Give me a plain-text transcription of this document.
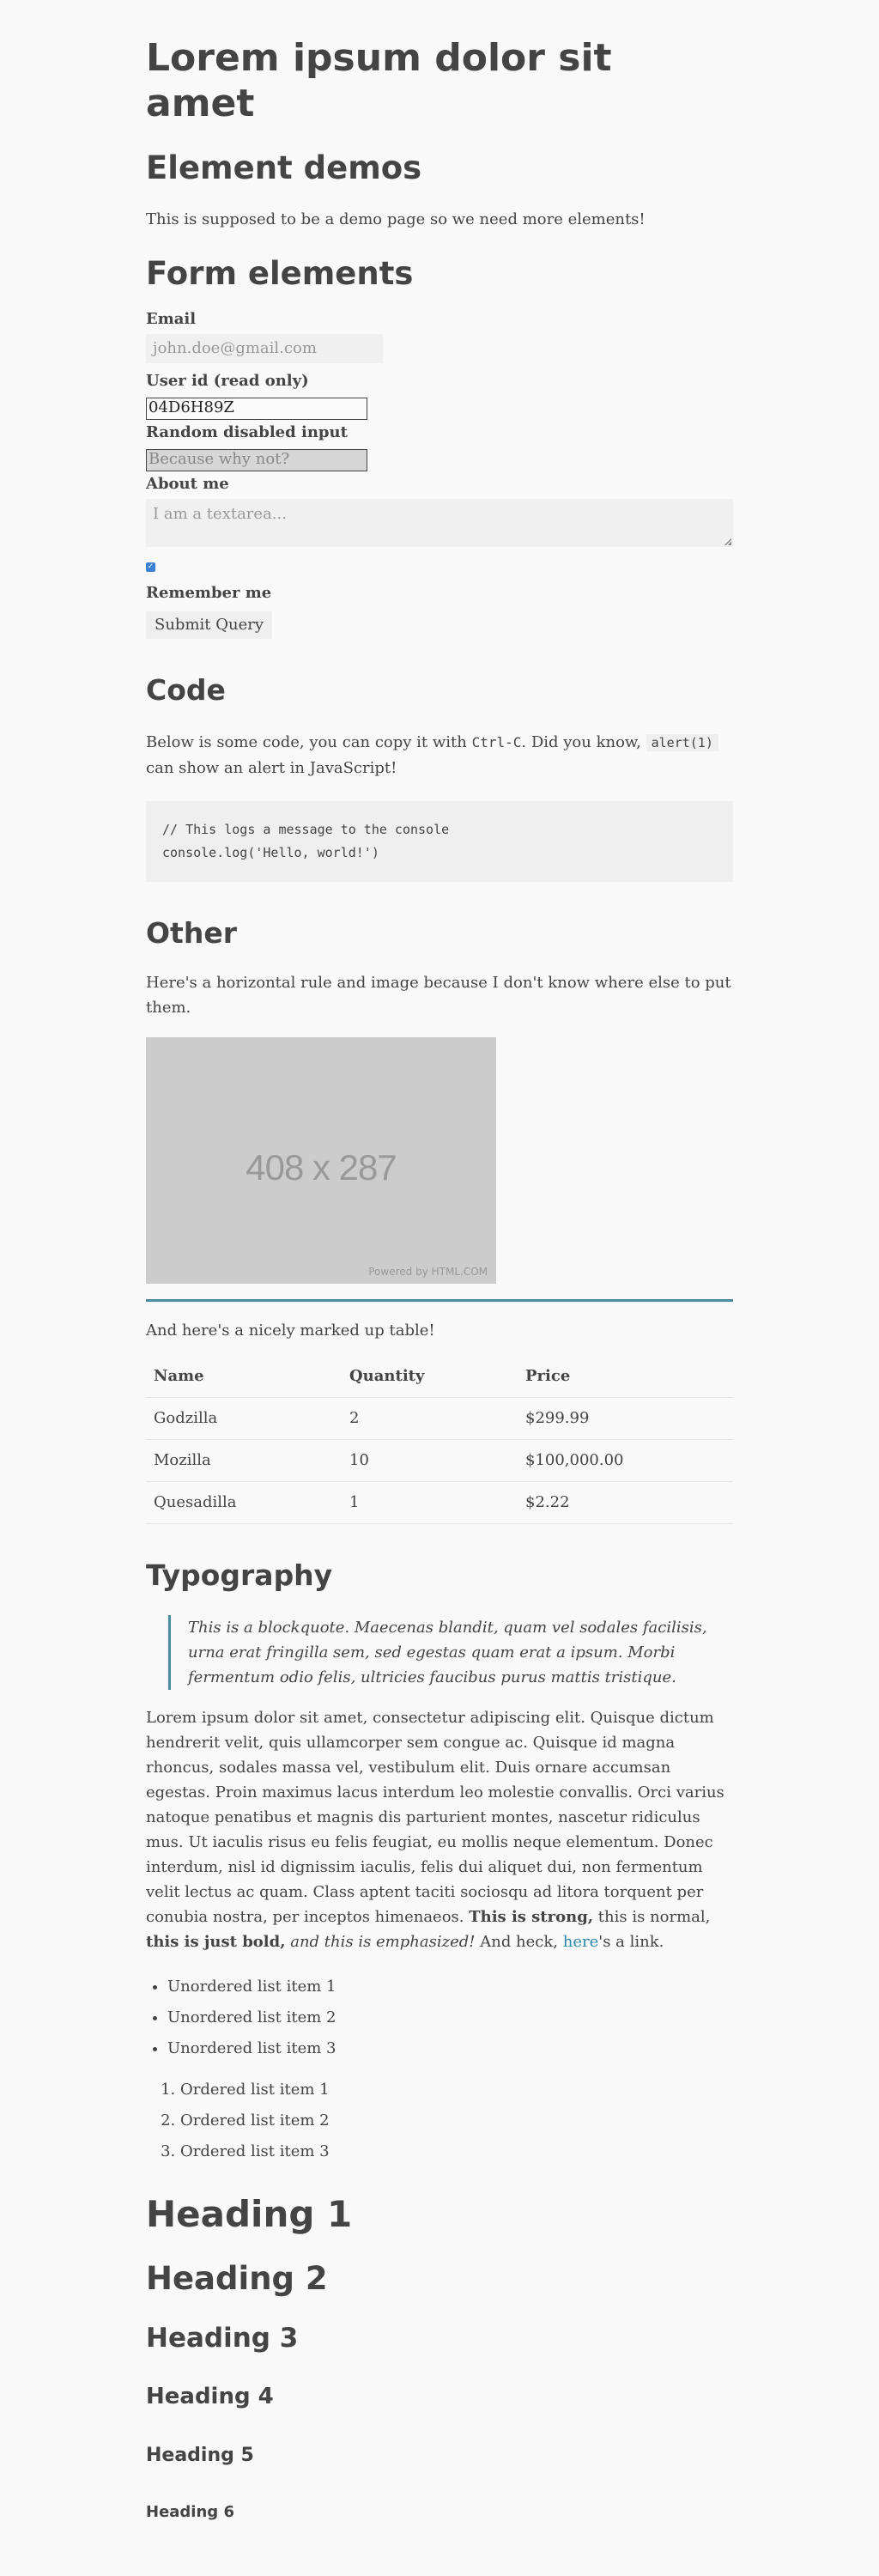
Lorem ipsum dolor sit amet
Element demos

This is supposed to be a demo page so we need more elements!

Form elements
Email
john.doe@gmail.com
User id (read only)
04D6H89Z
Random disabled input
Because why not?
About me
I am a textarea...
✓
Remember me
Submit Query
Code

Below is some code, you can copy it with Ctrl-C. Did you know, alert(1) can show an alert in JavaScript!

// This logs a message to the console
console.log('Hello, world!')
Other

Here's a horizontal rule and image because I don't know where else to put them.

408 x 287
Powered by HTML.COM

And here's a nicely marked up table!

Name	Quantity	Price
Godzilla	2	$299.99
Mozilla	10	$100,000.00
Quesadilla	1	$2.22
Typography
This is a blockquote. Maecenas blandit, quam vel sodales facilisis, urna erat fringilla sem, sed egestas quam erat a ipsum. Morbi fermentum odio felis, ultricies faucibus purus mattis tristique.

Lorem ipsum dolor sit amet, consectetur adipiscing elit. Quisque dictum hendrerit velit, quis ullamcorper sem congue ac. Quisque id magna rhoncus, sodales massa vel, vestibulum elit. Duis ornare accumsan egestas. Proin maximus lacus interdum leo molestie convallis. Orci varius natoque penatibus et magnis dis parturient montes, nascetur ridiculus mus. Ut iaculis risus eu felis feugiat, eu mollis neque elementum. Donec interdum, nisl id dignissim iaculis, felis dui aliquet dui, non fermentum velit lectus ac quam. Class aptent taciti sociosqu ad litora torquent per conubia nostra, per inceptos himenaeos. This is strong, this is normal, this is just bold, and this is emphasized! And heck, here's a link.

• Unordered list item 1
• Unordered list item 2
• Unordered list item 3
1. Ordered list item 1
2. Ordered list item 2
3. Ordered list item 3
Heading 1
Heading 2
Heading 3
Heading 4
Heading 5
Heading 6
